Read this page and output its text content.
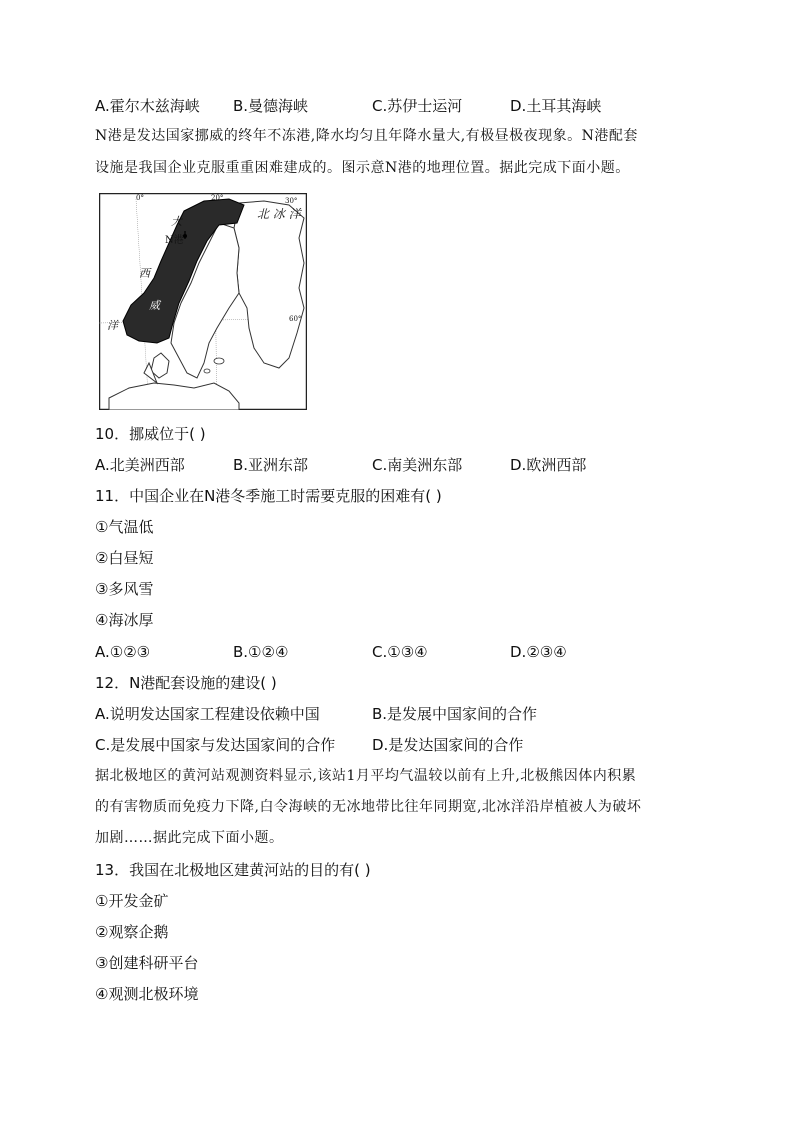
A.霍尔木兹海峡 B.曼德海峡	C.苏伊士运河	D.土耳其海峡
N港是发达国家挪威的终年不冻港,降水均匀且年降水量大,有极昼极夜现象。N港配套
设施是我国企业克服重重困难建成的。图示意N港的地理位置。据此完成下面小题。
0°	20°	30°
60°
北 冰 洋
大
N港
西
威
洋
10．挪威位于( )
A.北美洲西部	B.亚洲东部	C.南美洲东部	D.欧洲西部
11．中国企业在N港冬季施工时需要克服的困难有( )
①气温低
②白昼短
③多风雪
④海冰厚
A.①②③	B.①②④	C.①③④	D.②③④
12．N港配套设施的建设( )
A.说明发达国家工程建设依赖中国	B.是发展中国家间的合作
C.是发展中国家与发达国家间的合作 D.是发达国家间的合作
据北极地区的黄河站观测资料显示,该站1月平均气温较以前有上升,北极熊因体内积累
的有害物质而免疫力下降,白令海峡的无冰地带比往年同期宽,北冰洋沿岸植被人为破坏
加剧……据此完成下面小题。
13．我国在北极地区建黄河站的目的有( )
①开发金矿
②观察企鹅
③创建科研平台
④观测北极环境
